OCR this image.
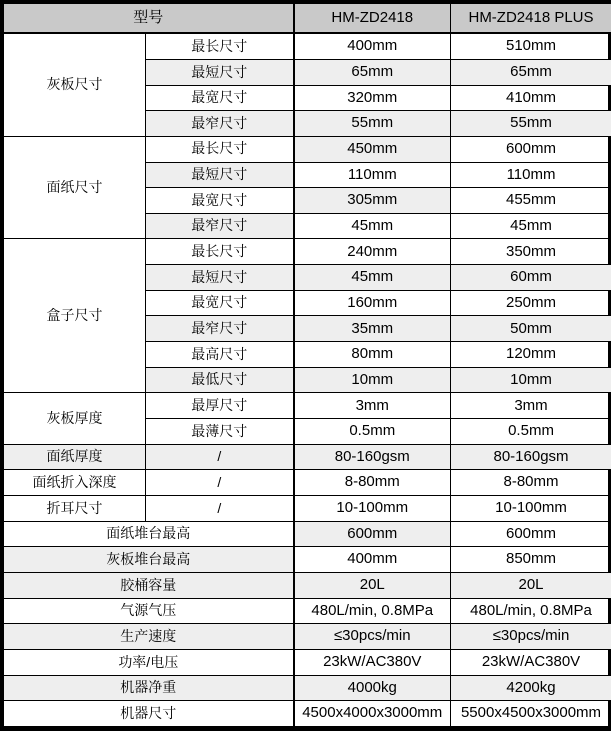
型号		HM-ZD2418	HM-ZD2418 PLUS
灰板尺寸	最长尺寸	400mm	510mm
	最短尺寸	65mm	65mm
	最宽尺寸	320mm	410mm
	最窄尺寸	55mm	55mm
面纸尺寸	最长尺寸	450mm	600mm
	最短尺寸	110mm	110mm
	最宽尺寸	305mm	455mm
	最窄尺寸	45mm	45mm
盒子尺寸	最长尺寸	240mm	350mm
	最短尺寸	45mm	60mm
	最宽尺寸	160mm	250mm
	最窄尺寸	35mm	50mm
	最高尺寸	80mm	120mm
	最低尺寸	10mm	10mm
灰板厚度	最厚尺寸	3mm	3mm
	最薄尺寸	0.5mm	0.5mm
面纸厚度	/	80-160gsm	80-160gsm
面纸折入深度	/	8-80mm	8-80mm
折耳尺寸	/	10-100mm	10-100mm
面纸堆台最高		600mm	600mm
灰板堆台最高		400mm	850mm
胶桶容量		20L	20L
气源气压		480L/min, 0.8MPa	480L/min, 0.8MPa
生产速度		≤30pcs/min	≤30pcs/min
功率/电压		23kW/AC380V	23kW/AC380V
机器净重		4000kg	4200kg
机器尺寸		4500x4000x3000mm	5500x4500x3000mm
